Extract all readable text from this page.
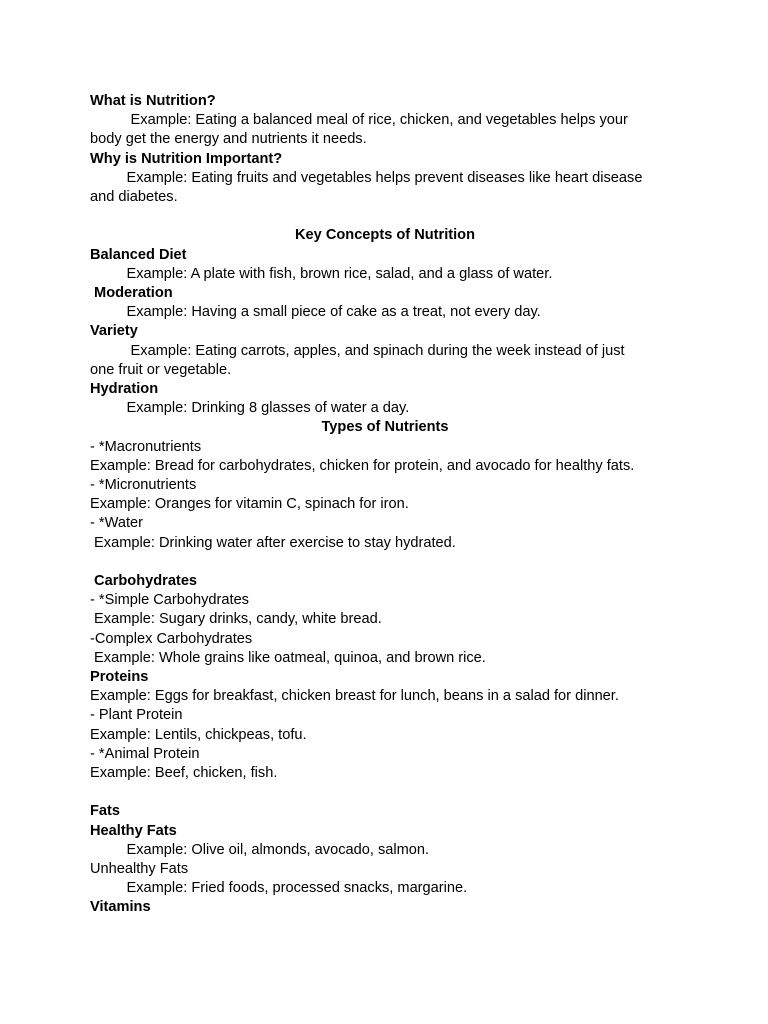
What is Nutrition?
Example: Eating a balanced meal of rice, chicken, and vegetables helps your
body get the energy and nutrients it needs.
Why is Nutrition Important?
Example: Eating fruits and vegetables helps prevent diseases like heart disease
and diabetes.
Key Concepts of Nutrition
Balanced Diet
Example: A plate with fish, brown rice, salad, and a glass of water.
Moderation
Example: Having a small piece of cake as a treat, not every day.
Variety
Example: Eating carrots, apples, and spinach during the week instead of just
one fruit or vegetable.
Hydration
Example: Drinking 8 glasses of water a day.
Types of Nutrients
- *Macronutrients
Example: Bread for carbohydrates, chicken for protein, and avocado for healthy fats.
- *Micronutrients
Example: Oranges for vitamin C, spinach for iron.
- *Water
Example: Drinking water after exercise to stay hydrated.
Carbohydrates
- *Simple Carbohydrates
Example: Sugary drinks, candy, white bread.
-Complex Carbohydrates
Example: Whole grains like oatmeal, quinoa, and brown rice.
Proteins
Example: Eggs for breakfast, chicken breast for lunch, beans in a salad for dinner.
- Plant Protein
Example: Lentils, chickpeas, tofu.
- *Animal Protein
Example: Beef, chicken, fish.
Fats
Healthy Fats
Example: Olive oil, almonds, avocado, salmon.
Unhealthy Fats
Example: Fried foods, processed snacks, margarine.
Vitamins
